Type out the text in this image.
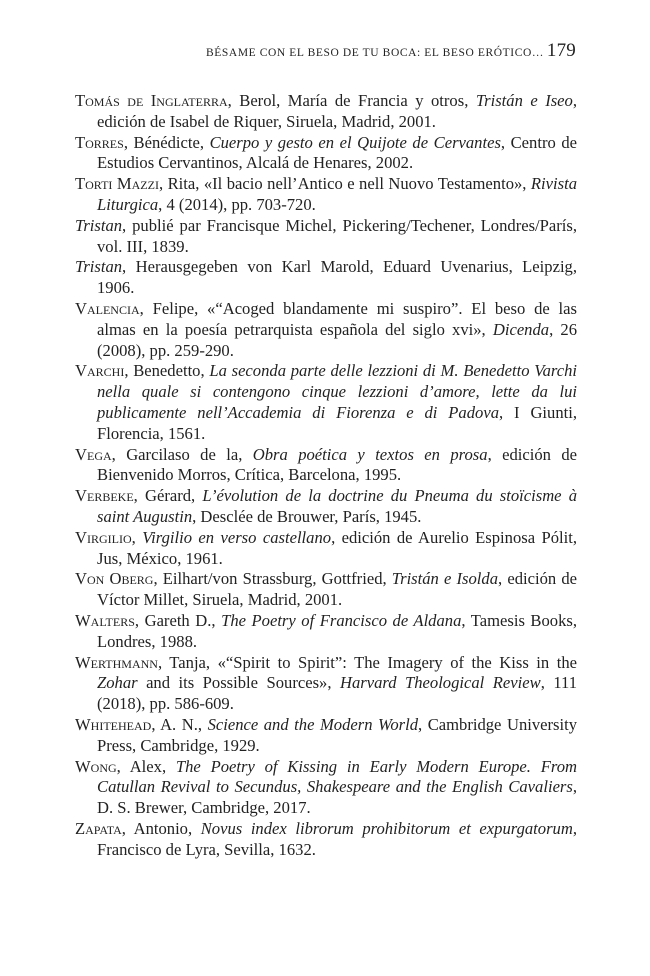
BÉSAME CON EL BESO DE TU BOCA: EL BESO ERÓTICO… 179
Tomás de Inglaterra, Berol, María de Francia y otros, Tristán e Iseo, edición de Isabel de Riquer, Siruela, Madrid, 2001.
Torres, Bénédicte, Cuerpo y gesto en el Quijote de Cervantes, Centro de Estudios Cervantinos, Alcalá de Henares, 2002.
Torti Mazzi, Rita, «Il bacio nell’Antico e nell Nuovo Testamento», Rivista Liturgica, 4 (2014), pp. 703-720.
Tristan, publié par Francisque Michel, Pickering/Techener, Londres/París, vol. III, 1839.
Tristan, Herausgegeben von Karl Marold, Eduard Uvenarius, Leipzig, 1906.
Valencia, Felipe, «“Acoged blandamente mi suspiro”. El beso de las almas en la poesía petrarquista española del siglo xvi», Dicenda, 26 (2008), pp. 259-290.
Varchi, Benedetto, La seconda parte delle lezzioni di M. Benedetto Varchi nella quale si contengono cinque lezzioni d’amore, lette da lui publicamente nell’Accademia di Fiorenza e di Padova, I Giunti, Florencia, 1561.
Vega, Garcilaso de la, Obra poética y textos en prosa, edición de Bienvenido Morros, Crítica, Barcelona, 1995.
Verbeke, Gérard, L’évolution de la doctrine du Pneuma du stoïcisme à saint Augustin, Desclée de Brouwer, París, 1945.
Virgilio, Virgilio en verso castellano, edición de Aurelio Espinosa Pólit, Jus, México, 1961.
Von Oberg, Eilhart/von Strassburg, Gottfried, Tristán e Isolda, edición de Víctor Millet, Siruela, Madrid, 2001.
Walters, Gareth D., The Poetry of Francisco de Aldana, Tamesis Books, Londres, 1988.
Werthmann, Tanja, «“Spirit to Spirit”: The Imagery of the Kiss in the Zohar and its Possible Sources», Harvard Theological Review, 111 (2018), pp. 586-609.
Whitehead, A. N., Science and the Modern World, Cambridge University Press, Cambridge, 1929.
Wong, Alex, The Poetry of Kissing in Early Modern Europe. From Catullan Revival to Secundus, Shakespeare and the English Cavaliers, D. S. Brewer, Cambridge, 2017.
Zapata, Antonio, Novus index librorum prohibitorum et expurgatorum, Francisco de Lyra, Sevilla, 1632.
